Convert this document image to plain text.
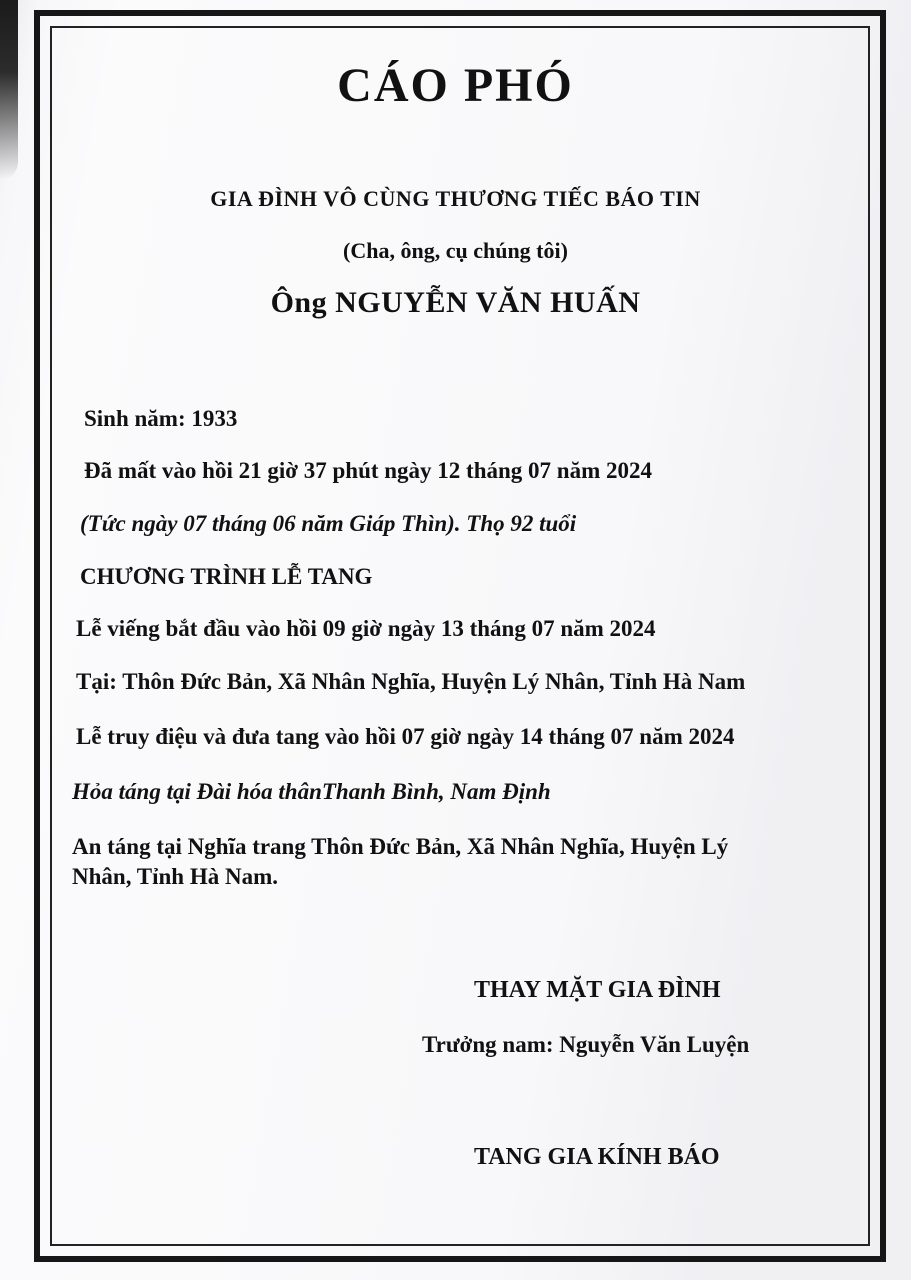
CÁO PHÓ
GIA ĐÌNH VÔ CÙNG THƯƠNG TIẾC BÁO TIN
(Cha, ông, cụ chúng tôi)
Ông NGUYỄN VĂN HUẤN
Sinh năm: 1933
Đã mất vào hồi 21 giờ 37 phút ngày 12 tháng 07 năm 2024
(Tức ngày 07 tháng 06 năm Giáp Thìn). Thọ 92 tuổi
CHƯƠNG TRÌNH LỄ TANG
Lễ viếng bắt đầu vào hồi 09 giờ ngày 13 tháng 07 năm 2024
Tại: Thôn Đức Bản, Xã Nhân Nghĩa, Huyện Lý Nhân, Tỉnh Hà Nam
Lễ truy điệu và đưa tang vào hồi 07 giờ ngày 14 tháng 07 năm 2024
Hỏa táng tại Đài hóa thânThanh Bình, Nam Định
An táng tại Nghĩa trang Thôn Đức Bản, Xã Nhân Nghĩa, Huyện Lý
Nhân, Tỉnh Hà Nam.
THAY MẶT GIA ĐÌNH
Trưởng nam: Nguyễn Văn Luyện
TANG GIA KÍNH BÁO
